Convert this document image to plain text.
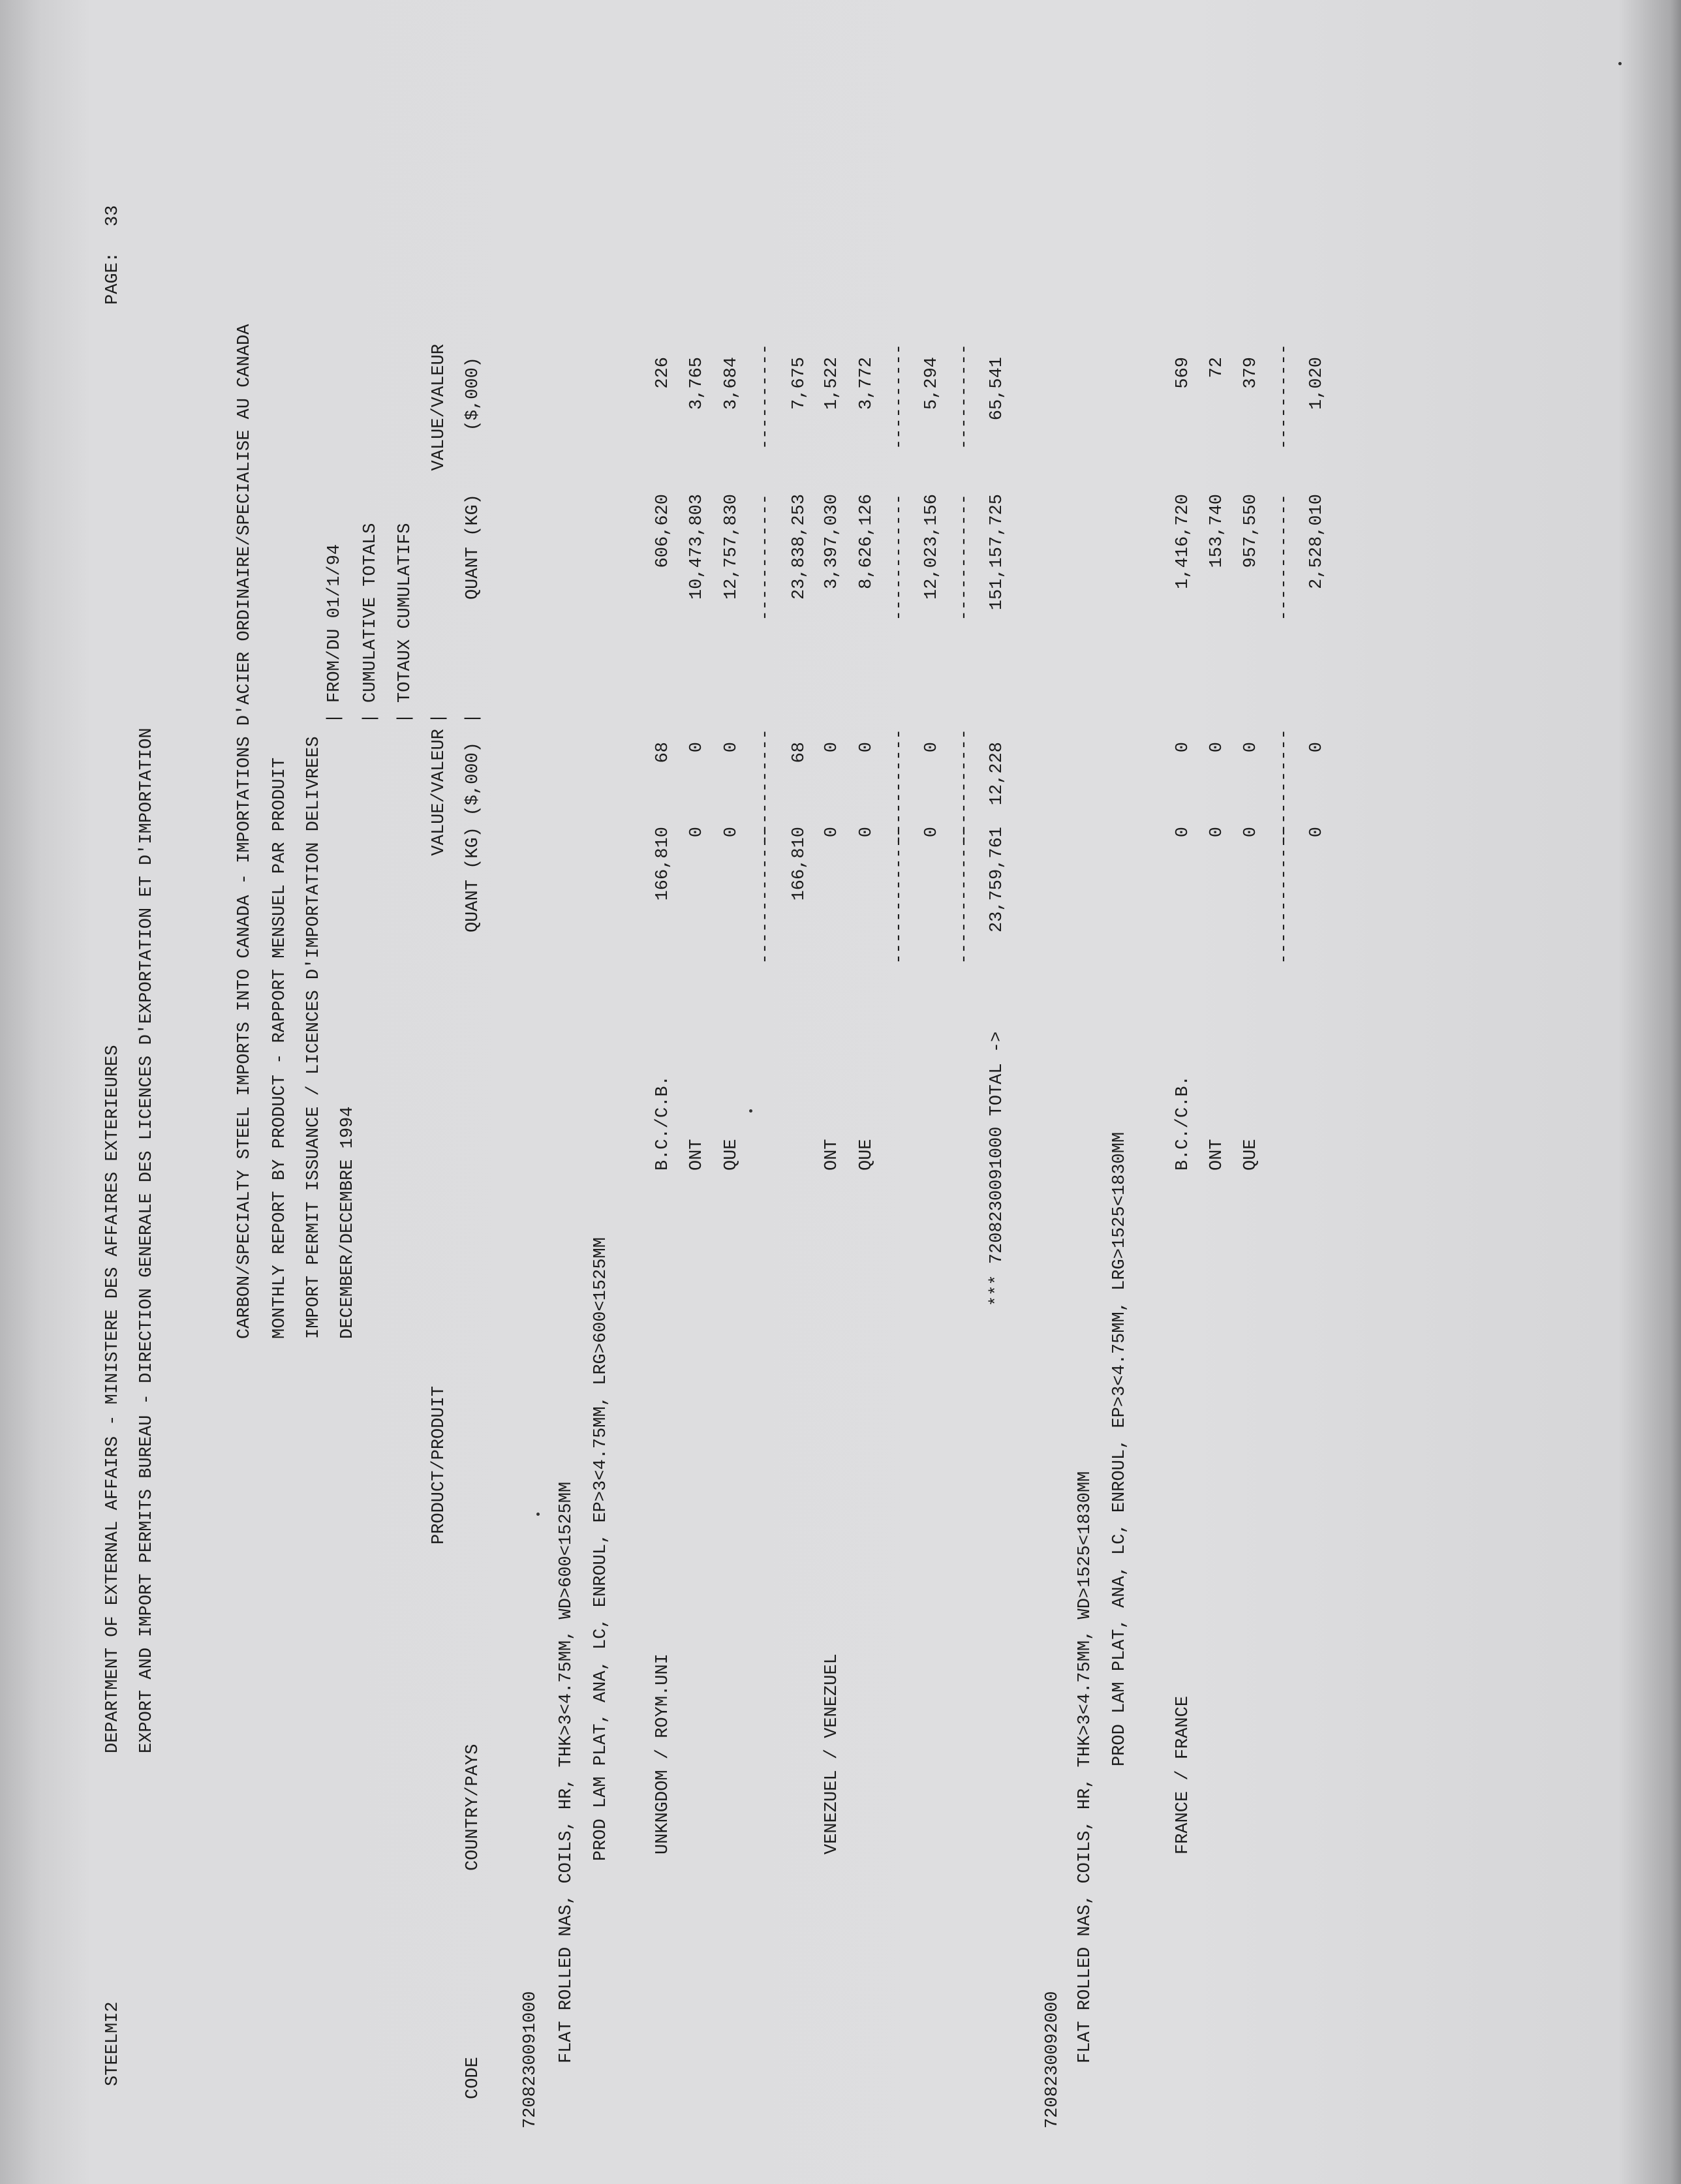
STEELMI2
DEPARTMENT OF EXTERNAL AFFAIRS - MINISTERE DES AFFAIRES EXTERIEURES EXPORT AND IMPORT PERMITS BUREAU - DIRECTION GENERALE DES LICENCES D'EXPORTATION ET D'IMPORTATION
PAGE:
33
CARBON/SPECIALTY STEEL IMPORTS INTO CANADA - IMPORTATIONS D'ACIER ORDINAIRE/SPECIALISE AU CANADA MONTHLY REPORT BY PRODUCT - RAPPORT MENSUEL PAR PRODUIT IMPORT PERMIT ISSUANCE / LICENCES D'IMPORTATION DELIVREES DECEMBER/DECEMBRE 1994
FROM/DU 01/1/94 CUMULATIVE TOTALS TOTAUX CUMULATIFS
| | | | |
CODE
PRODUCT/PRODUIT
COUNTRY/PAYS
QUANT (KG)
VALUE/VALEUR ($,000)
QUANT (KG)
VALUE/VALEUR ($,000)
7208230091000 FLAT ROLLED NAS, COILS, HR, THK>3<4.75MM, WD>600<1525MM PROD LAM PLAT, ANA, LC, ENROUL, EP>3<4.75MM, LRG>600<1525MM UNKNGDOM / ROYM.UNI
B.C./C.B.
166,810
68
606,620
226
ONT
0
0
10,473,803
3,765
QUE
0
0
12,757,830
3,684
-------------
-----------
------------
----------
166,810
68
23,838,253
7,675
VENEZUEL / VENEZUEL
ONT
0
0
3,397,030
1,522
QUE
0
0
8,626,126
3,772
-------------
-----------
------------
----------
0
0
12,023,156
5,294
-------------
-----------
------------
----------
*** 7208230091000 TOTAL ->
23,759,761
12,228
151,157,725
65,541
7208230092000 FLAT ROLLED NAS, COILS, HR, THK>3<4.75MM, WD>1525<1830MM
PROD LAM PLAT, ANA, LC, ENROUL, EP>3<4.75MM, LRG>1525<1830MM
FRANCE / FRANCE
B.C./C.B.
0
0
1,416,720
569
ONT
0
0
153,740
72
QUE
0
0
957,550
379
-------------
-----------
------------
----------
0
0
2,528,010
1,020
